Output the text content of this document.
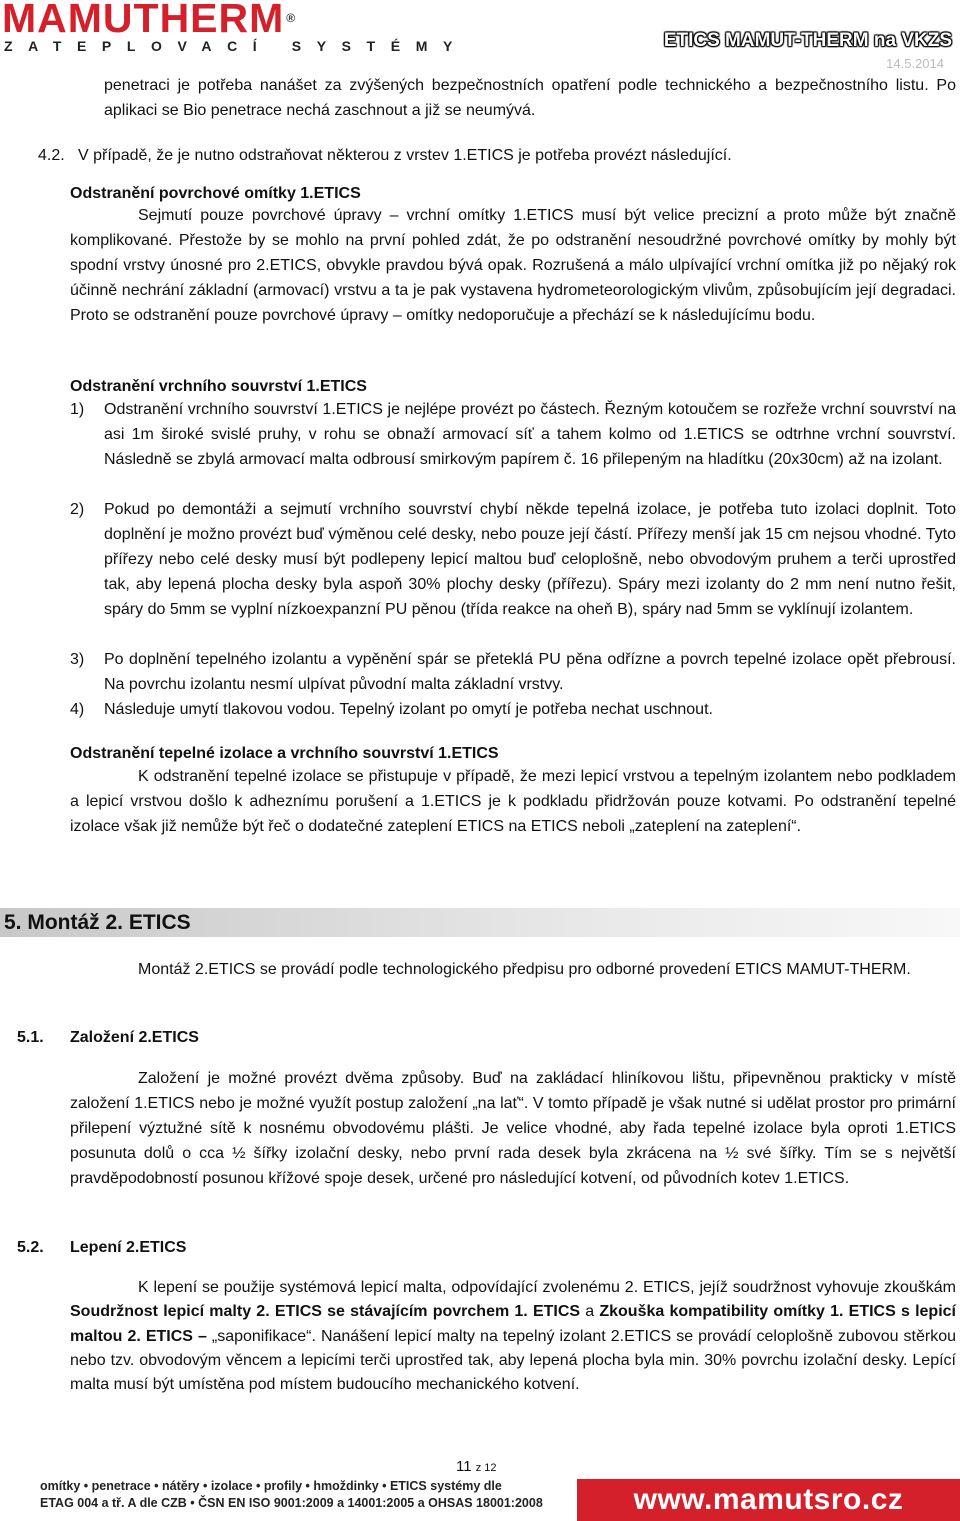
MAMUTHERM ®
ZATEPLOVACÍ SYSTÉMY	ETICS MAMUT-THERM na VKZS
14.5.2014

penetraci je potřeba nanášet za zvýšených bezpečnostních opatření podle technického a bezpečnostního listu. Po aplikaci se Bio penetrace nechá zaschnout a již se neumývá.

4.2. V případě, že je nutno odstraňovat některou z vrstev 1.ETICS je potřeba provézt následující.

Odstranění povrchové omítky 1.ETICS

Sejmutí pouze povrchové úpravy – vrchní omítky 1.ETICS musí být velice precizní a proto může být značně komplikované. Přestože by se mohlo na první pohled zdát, že po odstranění nesoudržné povrchové omítky by mohly být spodní vrstvy únosné pro 2.ETICS, obvykle pravdou bývá opak. Rozrušená a málo ulpívající vrchní omítka již po nějaký rok účinně nechrání základní (armovací) vrstvu a ta je pak vystavena hydrometeorologickým vlivům, způsobujícím její degradaci. Proto se odstranění pouze povrchové úpravy – omítky nedoporučuje a přechází se k následujícímu bodu.

Odstranění vrchního souvrství 1.ETICS
1) Odstranění vrchního souvrství 1.ETICS je nejlépe provézt po částech. Řezným kotoučem se rozřeže vrchní souvrství na asi 1m široké svislé pruhy, v rohu se obnaží armovací síť a tahem kolmo od 1.ETICS se odtrhne vrchní souvrství. Následně se zbylá armovací malta odbrousí smirkovým papírem č. 16 přilepeným na hladítku (20x30cm) až na izolant.

2) Pokud po demontáži a sejmutí vrchního souvrství chybí někde tepelná izolace, je potřeba tuto izolaci doplnit. Toto doplnění je možno provézt buď výměnou celé desky, nebo pouze její částí. Přířezy menší jak 15 cm nejsou vhodné. Tyto přířezy nebo celé desky musí být podlepeny lepicí maltou buď celoplošně, nebo obvodovým pruhem a terči uprostřed tak, aby lepená plocha desky byla aspoň 30% plochy desky (přířezu). Spáry mezi izolanty do 2 mm není nutno řešit, spáry do 5mm se vyplní nízkoexpanzní PU pěnou (třída reakce na oheň B), spáry nad 5mm se vyklínují izolantem.

3) Po doplnění tepelného izolantu a vypěnění spár se přeteklá PU pěna odřízne a povrch tepelné izolace opět přebrousí. Na povrchu izolantu nesmí ulpívat původní malta základní vrstvy.

4) Následuje umytí tlakovou vodou. Tepelný izolant po omytí je potřeba nechat uschnout.

Odstranění tepelné izolace a vrchního souvrství 1.ETICS

K odstranění tepelné izolace se přistupuje v případě, že mezi lepicí vrstvou a tepelným izolantem nebo podkladem a lepicí vrstvou došlo k adheznímu porušení a 1.ETICS je k podkladu přidržován pouze kotvami. Po odstranění tepelné izolace však již nemůže být řeč o dodatečné zateplení ETICS na ETICS neboli „zateplení na zateplení“.

5. Montáž 2. ETICS

Montáž 2.ETICS se provádí podle technologického předpisu pro odborné provedení ETICS MAMUT-THERM.

5.1. Založení 2.ETICS

Založení je možné provézt dvěma způsoby. Buď na zakládací hliníkovou lištu, připevněnou prakticky v místě založení 1.ETICS nebo je možné využít postup založení „na lať“. V tomto případě je však nutné si udělat prostor pro primární přilepení výztužné sítě k nosnému obvodovému plášti. Je velice vhodné, aby řada tepelné izolace byla oproti 1.ETICS posunuta dolů o cca ½ šířky izolační desky, nebo první rada desek byla zkrácena na ½ své šířky. Tím se s největší pravděpodobností posunou křížové spoje desek, určené pro následující kotvení, od původních kotev 1.ETICS.

5.2. Lepení 2.ETICS

K lepení se použije systémová lepicí malta, odpovídající zvolenému 2. ETICS, jejíž soudržnost vyhovuje zkouškám Soudržnost lepicí malty 2. ETICS se stávajícím povrchem 1. ETICS a Zkouška kompatibility omítky 1. ETICS s lepicí maltou 2. ETICS – „saponifikace“. Nanášení lepicí malty na tepelný izolant 2.ETICS se provádí celoplošně zubovou stěrkou nebo tzv. obvodovým věncem a lepicími terči uprostřed tak, aby lepená plocha byla min. 30% povrchu izolační desky. Lepící malta musí být umístěna pod místem budoucího mechanického kotvení.

11 z 12
omítky • penetrace • nátěry • izolace • profily • hmoždinky • ETICS systémy dle
ETAG 004 a tř. A dle CZB • ČSN EN ISO 9001:2009 a 14001:2005 a OHSAS 18001:2008	www.mamutsro.cz
